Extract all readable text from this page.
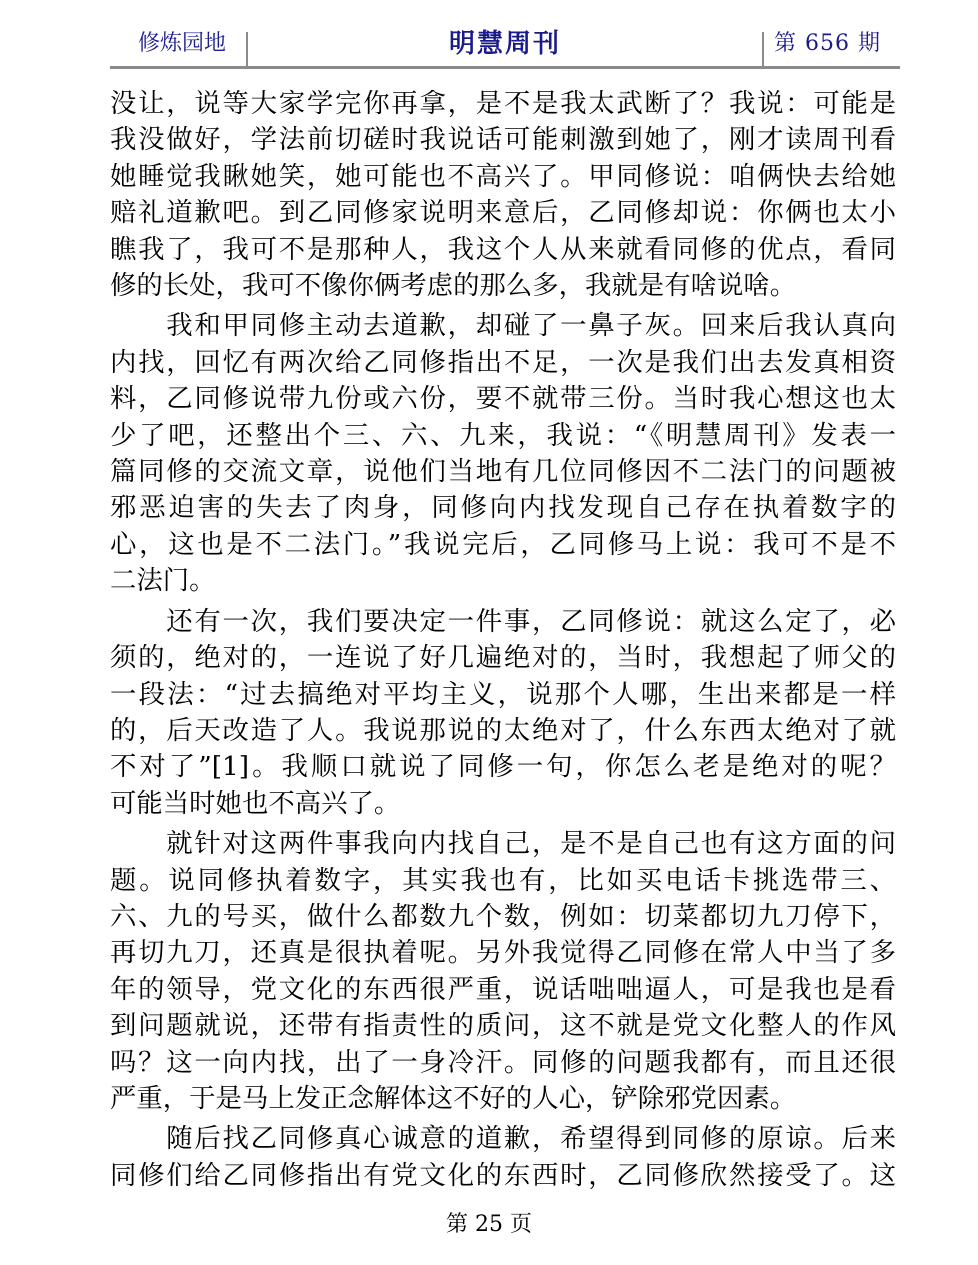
修炼园地	明慧周刊	第 656 期

没让，说等大家学完你再拿，是不是我太武断了？我说：可能是
我没做好，学法前切磋时我说话可能刺激到她了，刚才读周刊看
她睡觉我瞅她笑，她可能也不高兴了。甲同修说：咱俩快去给她
赔礼道歉吧。到乙同修家说明来意后，乙同修却说：你俩也太小
瞧我了，我可不是那种人，我这个人从来就看同修的优点，看同
修的长处，我可不像你俩考虑的那么多，我就是有啥说啥。

　　我和甲同修主动去道歉，却碰了一鼻子灰。回来后我认真向
内找，回忆有两次给乙同修指出不足，一次是我们出去发真相资
料，乙同修说带九份或六份，要不就带三份。当时我心想这也太
少了吧，还整出个三、六、九来，我说：“《明慧周刊》发表一
篇同修的交流文章，说他们当地有几位同修因不二法门的问题被
邪恶迫害的失去了肉身，同修向内找发现自己存在执着数字的
心，这也是不二法门。”我说完后，乙同修马上说：我可不是不
二法门。

　　还有一次，我们要决定一件事，乙同修说：就这么定了，必
须的，绝对的，一连说了好几遍绝对的，当时，我想起了师父的
一段法：“过去搞绝对平均主义，说那个人哪，生出来都是一样
的，后天改造了人。我说那说的太绝对了，什么东西太绝对了就
不对了”[1]。我顺口就说了同修一句，你怎么老是绝对的呢？
可能当时她也不高兴了。

　　就针对这两件事我向内找自己，是不是自己也有这方面的问
题。说同修执着数字，其实我也有，比如买电话卡挑选带三、
六、九的号买，做什么都数九个数，例如：切菜都切九刀停下，
再切九刀，还真是很执着呢。另外我觉得乙同修在常人中当了多
年的领导，党文化的东西很严重，说话咄咄逼人，可是我也是看
到问题就说，还带有指责性的质问，这不就是党文化整人的作风
吗？这一向内找，出了一身冷汗。同修的问题我都有，而且还很
严重，于是马上发正念解体这不好的人心，铲除邪党因素。

　　随后找乙同修真心诚意的道歉，希望得到同修的原谅。后来
同修们给乙同修指出有党文化的东西时，乙同修欣然接受了。这

第 25 页
